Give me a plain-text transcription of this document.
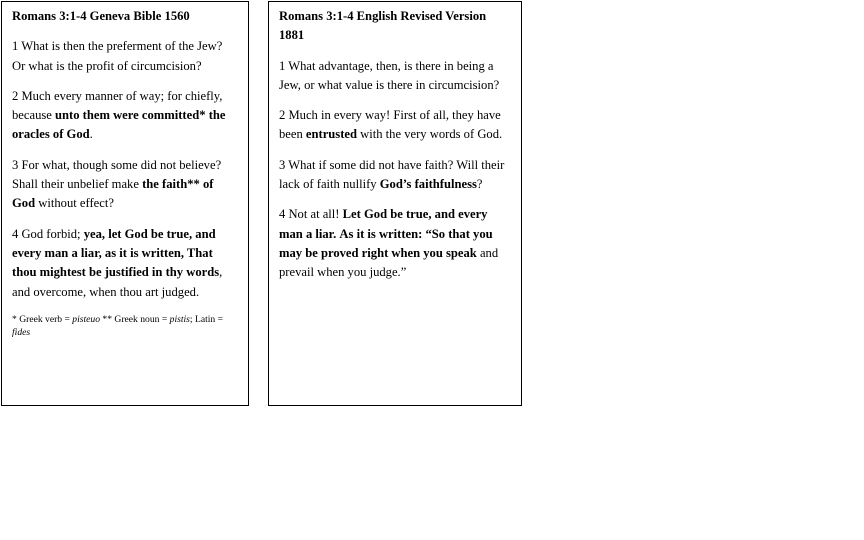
Romans 3:1-4 Geneva Bible 1560

1 What is then the preferment of the Jew? Or what is the profit of circumcision?

2 Much every manner of way; for chiefly, because unto them were committed* the oracles of God.

3 For what, though some did not believe? Shall their unbelief make the faith** of God without effect?

4 God forbid; yea, let God be true, and every man a liar, as it is written, That thou mightest be justified in thy words, and overcome, when thou art judged.

* Greek verb = pisteuo ** Greek noun = pistis; Latin = fides

Romans 3:1-4 English Revised Version 1881

1 What advantage, then, is there in being a Jew, or what value is there in circumcision?

2 Much in every way! First of all, they have been entrusted with the very words of God.

3 What if some did not have faith? Will their lack of faith nullify God’s faithfulness?

4 Not at all! Let God be true, and every man a liar. As it is written: “So that you may be proved right when you speak and prevail when you judge.”
